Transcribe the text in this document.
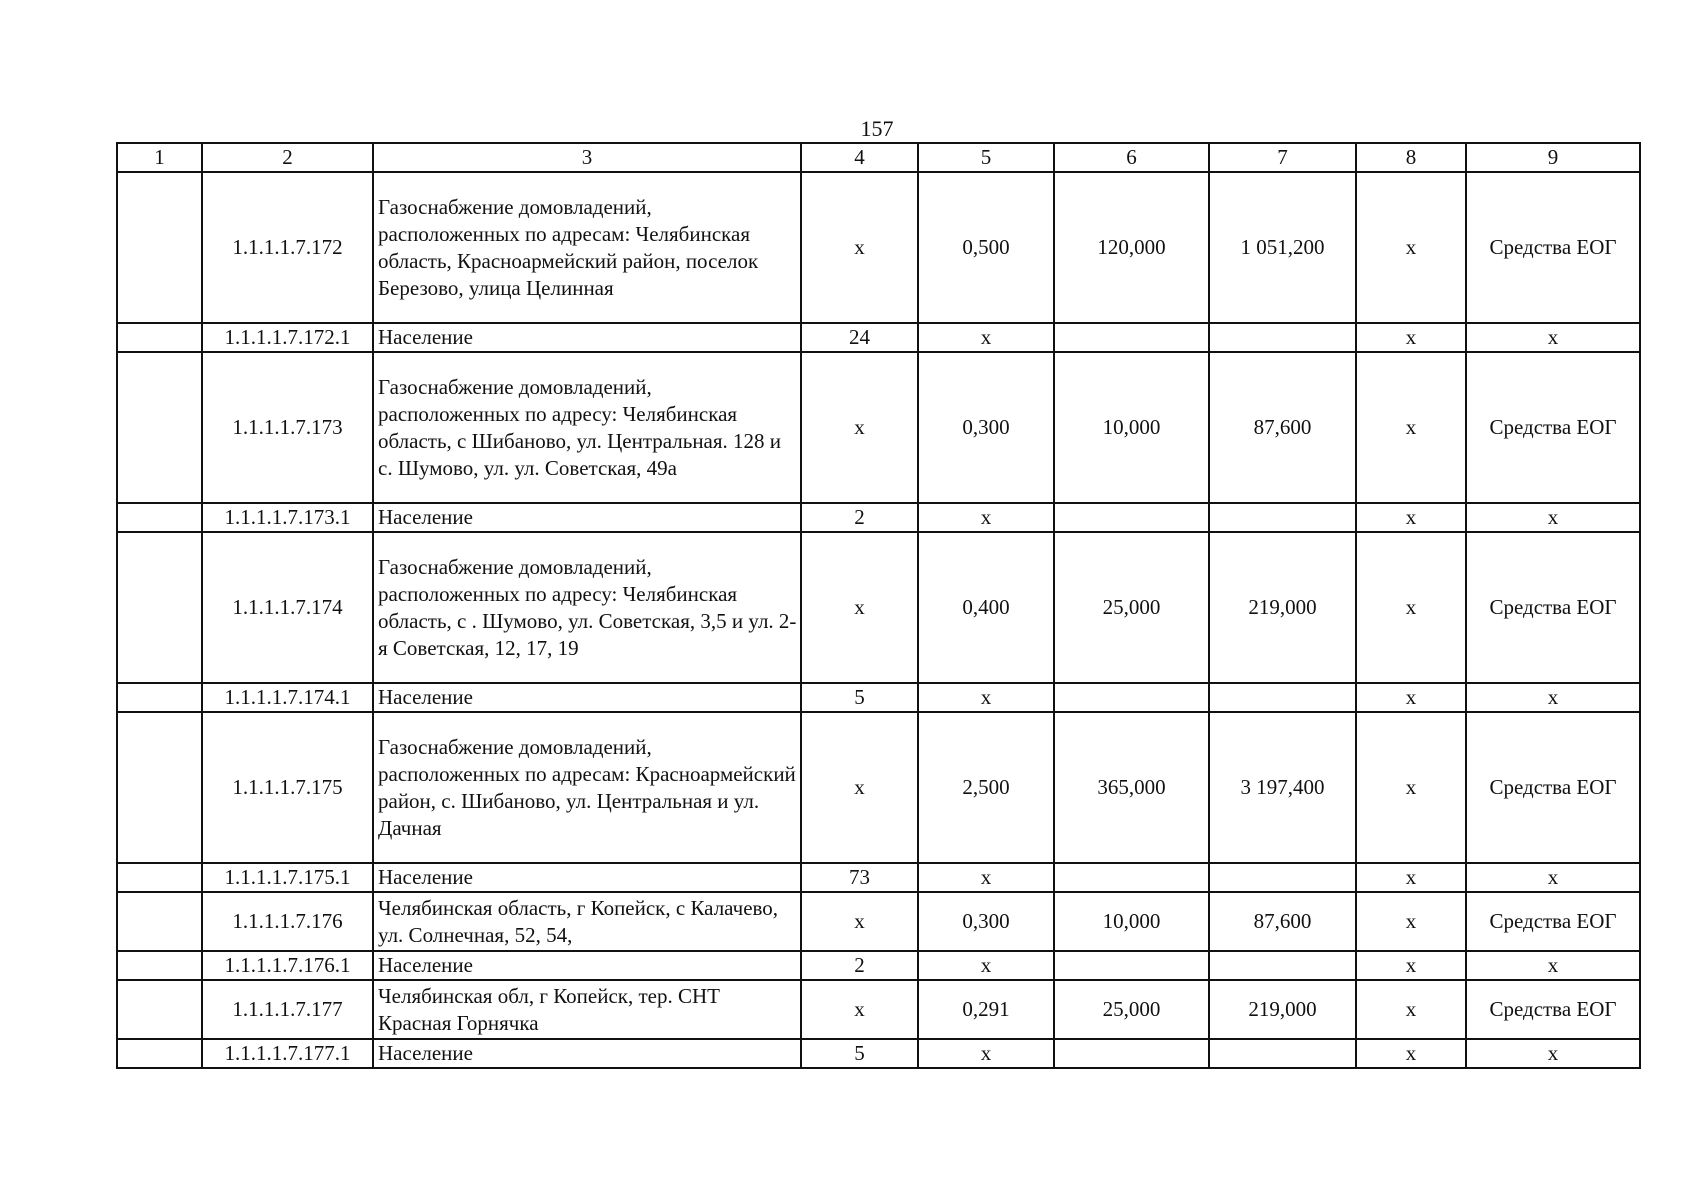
157
1	2	3	4	5	6	7	8	9
	1.1.1.1.7.172	Газоснабжение домовладений, расположенных по адресам: Челябинская область, Красноармейский район, поселок Березово, улица Целинная	х	0,500	120,000	1 051,200	х	Средства ЕОГ
	1.1.1.1.7.172.1	Население	24	х			х	х
	1.1.1.1.7.173	Газоснабжение домовладений, расположенных по адресу: Челябинская область, с Шибаново, ул. Центральная. 128 и с. Шумово, ул. ул. Советская, 49а	х	0,300	10,000	87,600	х	Средства ЕОГ
	1.1.1.1.7.173.1	Население	2	х			х	х
	1.1.1.1.7.174	Газоснабжение домовладений, расположенных по адресу: Челябинская область, с . Шумово, ул. Советская, 3,5 и ул. 2-я Советская, 12, 17, 19	х	0,400	25,000	219,000	х	Средства ЕОГ
	1.1.1.1.7.174.1	Население	5	х			х	х
	1.1.1.1.7.175	Газоснабжение домовладений, расположенных по адресам: Красноармейский район, с. Шибаново, ул. Центральная и ул. Дачная	х	2,500	365,000	3 197,400	х	Средства ЕОГ
	1.1.1.1.7.175.1	Население	73	х			х	х
	1.1.1.1.7.176	Челябинская область, г Копейск, с Калачево, ул. Солнечная, 52, 54,	х	0,300	10,000	87,600	х	Средства ЕОГ
	1.1.1.1.7.176.1	Население	2	х			х	х
	1.1.1.1.7.177	Челябинская обл, г Копейск, тер. СНТ Красная Горнячка	х	0,291	25,000	219,000	х	Средства ЕОГ
	1.1.1.1.7.177.1	Население	5	х			х	х
